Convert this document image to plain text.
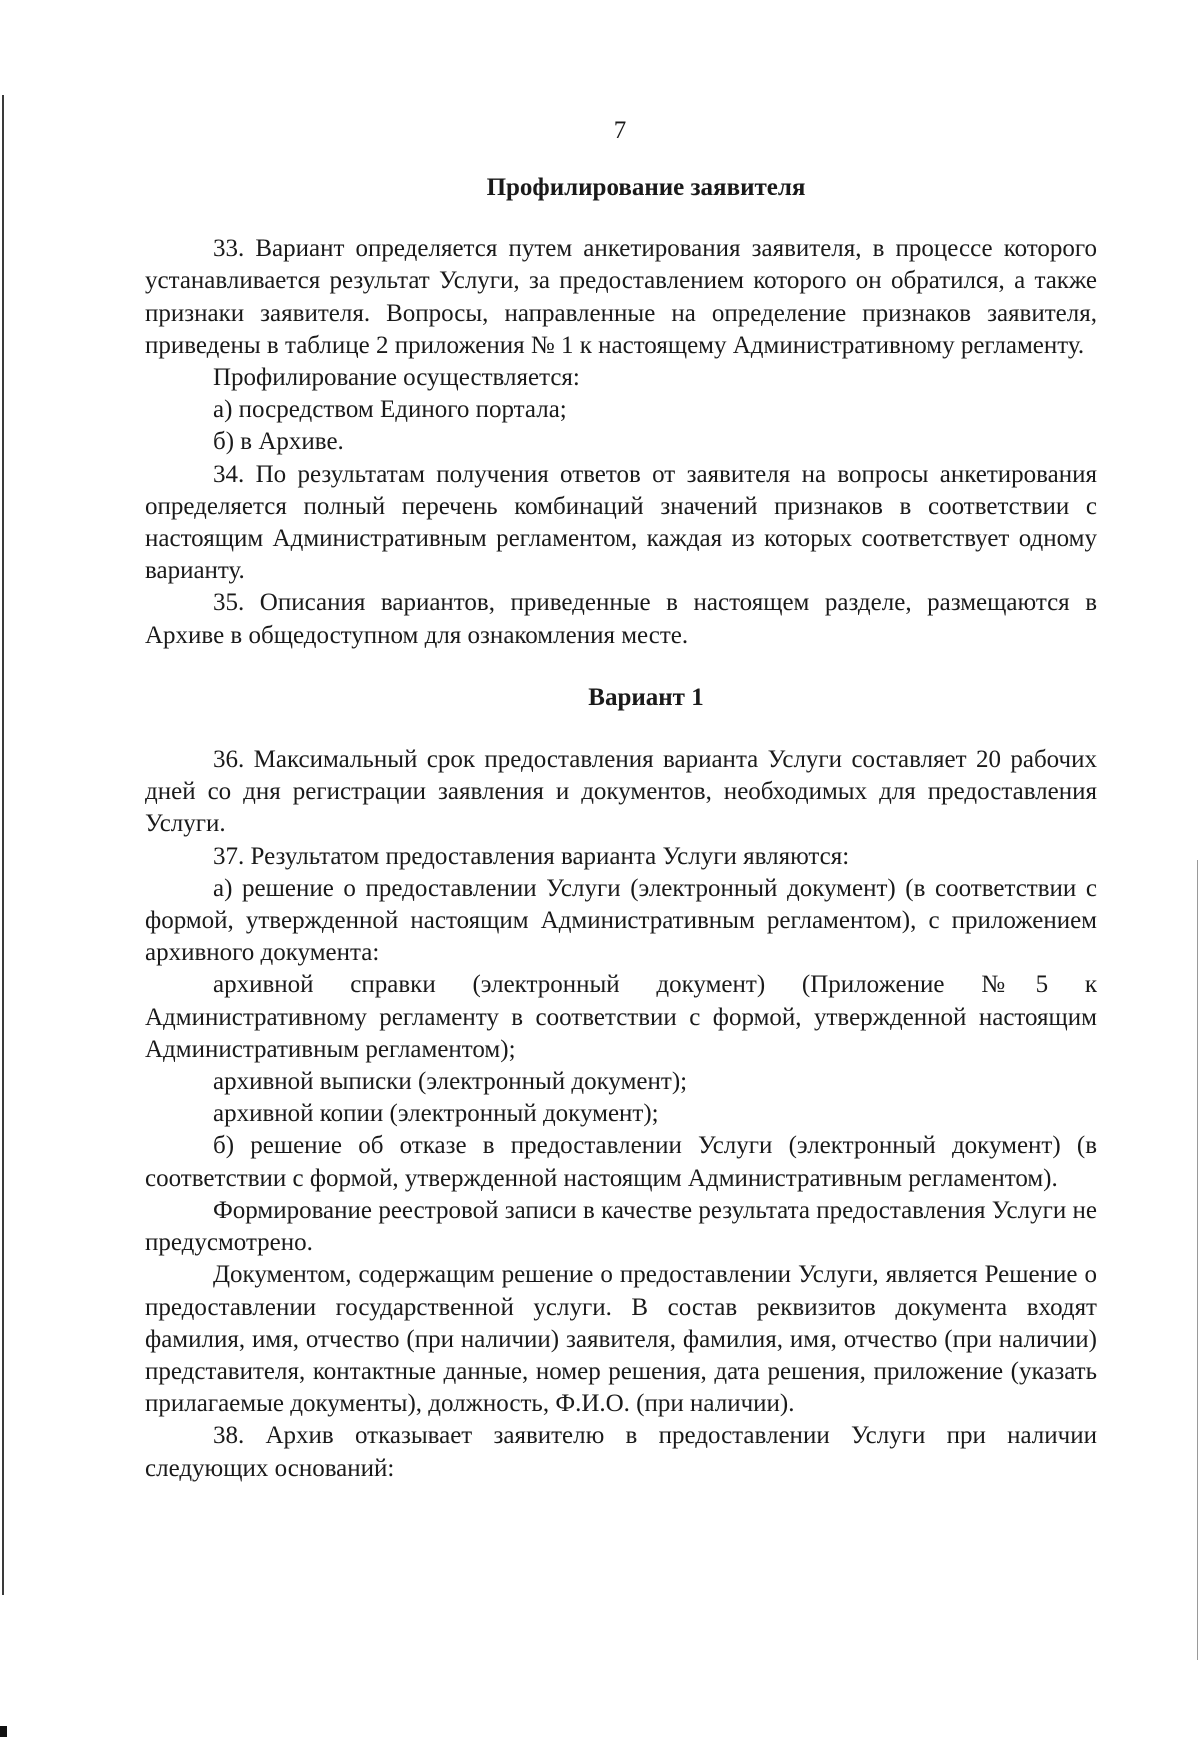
7
Профилирование заявителя

33. Вариант определяется путем анкетирования заявителя, в процессе которого устанавливается результат Услуги, за предоставлением которого он обратился, а также признаки заявителя. Вопросы, направленные на определение признаков заявителя, приведены в таблице 2 приложения № 1 к настоящему Административному регламенту.

Профилирование осуществляется:

а) посредством Единого портала;

б) в Архиве.

34. По результатам получения ответов от заявителя на вопросы анкетирования определяется полный перечень комбинаций значений признаков в соответствии с настоящим Административным регламентом, каждая из которых соответствует одному варианту.

35. Описания вариантов, приведенные в настоящем разделе, размещаются в Архиве в общедоступном для ознакомления месте.

Вариант 1

36. Максимальный срок предоставления варианта Услуги составляет 20 рабочих дней со дня регистрации заявления и документов, необходимых для предоставления Услуги.

37. Результатом предоставления варианта Услуги являются:

а) решение о предоставлении Услуги (электронный документ) (в соответствии с формой, утвержденной настоящим Административным регламентом), с приложением архивного документа:

архивной справки (электронный документ) (Приложение №5 к Административному регламенту в соответствии с формой, утвержденной настоящим Административным регламентом);

архивной выписки (электронный документ);

архивной копии (электронный документ);

б) решение об отказе в предоставлении Услуги (электронный документ) (в соответствии с формой, утвержденной настоящим Административным регламентом).

Формирование реестровой записи в качестве результата предоставления Услуги не предусмотрено.

Документом, содержащим решение о предоставлении Услуги, является Решение о предоставлении государственной услуги. В состав реквизитов документа входят фамилия, имя, отчество (при наличии) заявителя, фамилия, имя, отчество (при наличии) представителя, контактные данные, номер решения, дата решения, приложение (указать прилагаемые документы), должность, Ф.И.О. (при наличии).

38. Архив отказывает заявителю в предоставлении Услуги при наличии следующих оснований:
